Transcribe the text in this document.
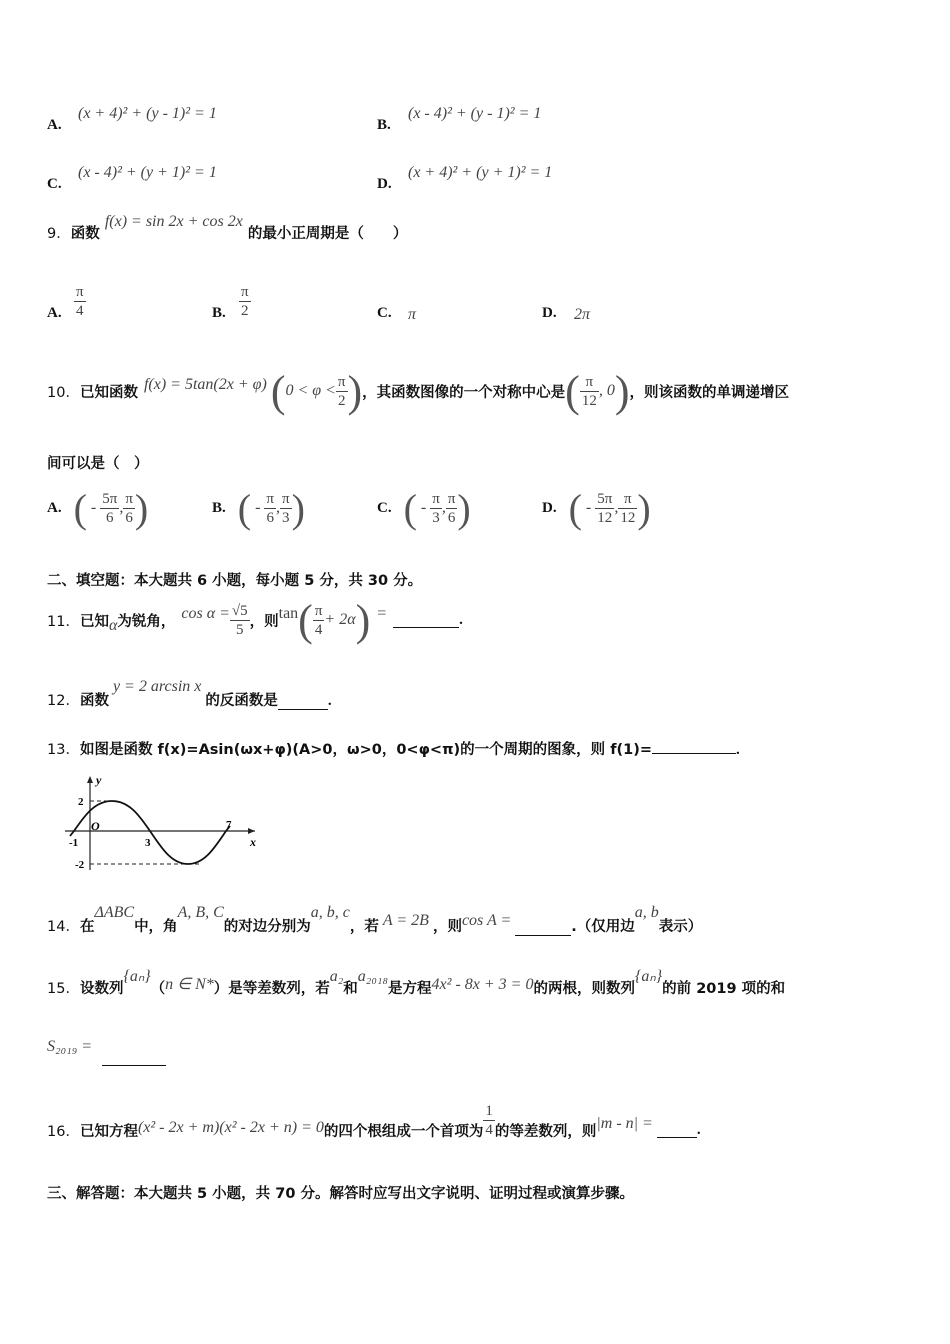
A.
(x + 4)² + (y - 1)² = 1
B.
(x - 4)² + (y - 1)² = 1
C.
(x - 4)² + (y + 1)² = 1
D.
(x + 4)² + (y + 1)² = 1
9．函数 f(x) = sin 2x + cos 2x 的最小正周期是（　　）
A. $\frac{\pi}{4}$	B. $\frac{\pi}{2}$	C. π	D. 2π
10． 已知函数 f(x) = 5tan(2x + φ) ( $0 < \varphi < \frac{\pi}{2}$ ) ，其函数图像的一个对称中心是 ( $\frac{\pi}{12}$ , 0 ) ，则该函数的单调递增区
间可以是（　）
A. ( - $\frac{5\pi}{6}$ , $\frac{\pi}{6}$ )	B. ( - $\frac{\pi}{6}$ , $\frac{\pi}{3}$ )	C. ( - $\frac{\pi}{3}$ , $\frac{\pi}{6}$ )	D. ( - $\frac{5\pi}{12}$ , $\frac{\pi}{12}$ )
二、填空题：本大题共 6 小题，每小题 5 分，共 30 分。
11． 已知 α 为锐角， $\cos \alpha = \frac{√5}{5}$ ，则 tan ( $\frac{\pi}{4} + 2\alpha$ ) =	.
12． 函数
y = 2 arcsin x
的反函数是	.
13．如图是函数 f(x)=Asin(ωx+φ)(A>0，ω>0，0<φ<π)的一个周期的图象，则 f(1)=	.
y
x
O
-1	3
7
2
-2
14． 在
ΔABC
中，角
A, B, C
的对边分别为
a, b, c
，若 A = 2B ，则 cos A =	.（仅用边
a, b
表示）
15． 设数列
{aₙ}
（ n ∈ N* ）是等差数列，若
a₂
和
a₂₀₁₈
是方程 4x² - 8x + 3 = 0 的两根，则数列
{aₙ}
的前 2019 项的和
S₂₀₁₉ =
16． 已知方程 (x² - 2x + m)(x² - 2x + n) = 0 的四个根组成一个首项为 $\frac{1}{4}$ 的等差数列，则 |m - n| =	.
三、解答题：本大题共 5 小题，共 70 分。解答时应写出文字说明、证明过程或演算步骤。
